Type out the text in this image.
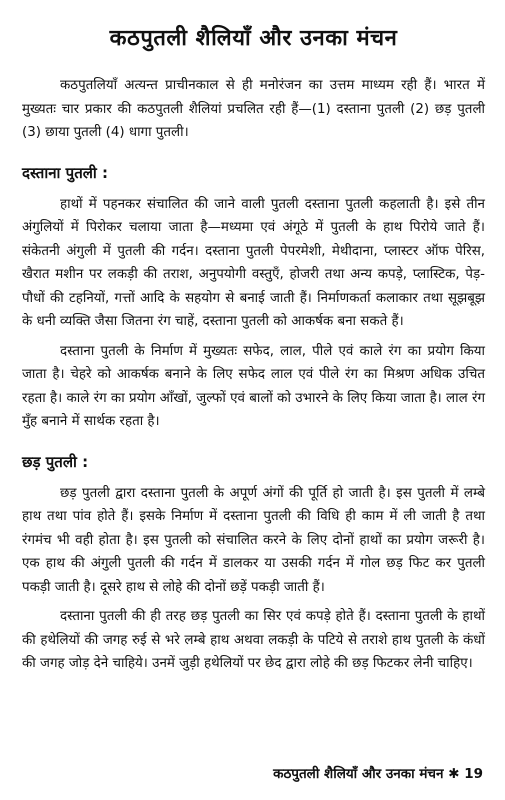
कठपुतली शैलियाँ और उनका मंचन

कठपुतलियाँ अत्यन्त प्राचीनकाल से ही मनोरंजन का उत्तम माध्यम रही हैं। भारत में मुख्यतः चार प्रकार की कठपुतली शैलियां प्रचलित रही हैं—(1) दस्ताना पुतली (2) छड़ पुतली (3) छाया पुतली (4) धागा पुतली।

दस्ताना पुतली :

हाथों में पहनकर संचालित की जाने वाली पुतली दस्ताना पुतली कहलाती है। इसे तीन अंगुलियों में पिरोकर चलाया जाता है—मध्यमा एवं अंगूठे में पुतली के हाथ पिरोये जाते हैं। संकेतनी अंगुली में पुतली की गर्दन। दस्ताना पुतली पेपरमेशी, मेथीदाना, प्लास्टर ऑफ पेरिस, खैरात मशीन पर लकड़ी की तराश, अनुपयोगी वस्तुएँ, होजरी तथा अन्य कपड़े, प्लास्टिक, पेड़-पौधों की टहनियों, गत्तों आदि के सहयोग से बनाई जाती हैं। निर्माणकर्ता कलाकार तथा सूझबूझ के धनी व्यक्ति जैसा जितना रंग चाहें, दस्ताना पुतली को आकर्षक बना सकते हैं।

दस्ताना पुतली के निर्माण में मुख्यतः सफेद, लाल, पीले एवं काले रंग का प्रयोग किया जाता है। चेहरे को आकर्षक बनाने के लिए सफेद लाल एवं पीले रंग का मिश्रण अधिक उचित रहता है। काले रंग का प्रयोग आँखों, जुल्फों एवं बालों को उभारने के लिए किया जाता है। लाल रंग मुँह बनाने में सार्थक रहता है।

छड़ पुतली :

छड़ पुतली द्वारा दस्ताना पुतली के अपूर्ण अंगों की पूर्ति हो जाती है। इस पुतली में लम्बे हाथ तथा पांव होते हैं। इसके निर्माण में दस्ताना पुतली की विधि ही काम में ली जाती है तथा रंगमंच भी वही होता है। इस पुतली को संचालित करने के लिए दोनों हाथों का प्रयोग जरूरी है। एक हाथ की अंगुली पुतली की गर्दन में डालकर या उसकी गर्दन में गोल छड़ फिट कर पुतली पकड़ी जाती है। दूसरे हाथ से लोहे की दोनों छड़ें पकड़ी जाती हैं।

दस्ताना पुतली की ही तरह छड़ पुतली का सिर एवं कपड़े होते हैं। दस्ताना पुतली के हाथों की हथेलियों की जगह रुई से भरे लम्बे हाथ अथवा लकड़ी के पटिये से तराशे हाथ पुतली के कंधों की जगह जोड़ देने चाहिये। उनमें जुड़ी हथेलियों पर छेद द्वारा लोहे की छड़ फिटकर लेनी चाहिए।

कठपुतली शैलियाँ और उनका मंचन ✱ 19
